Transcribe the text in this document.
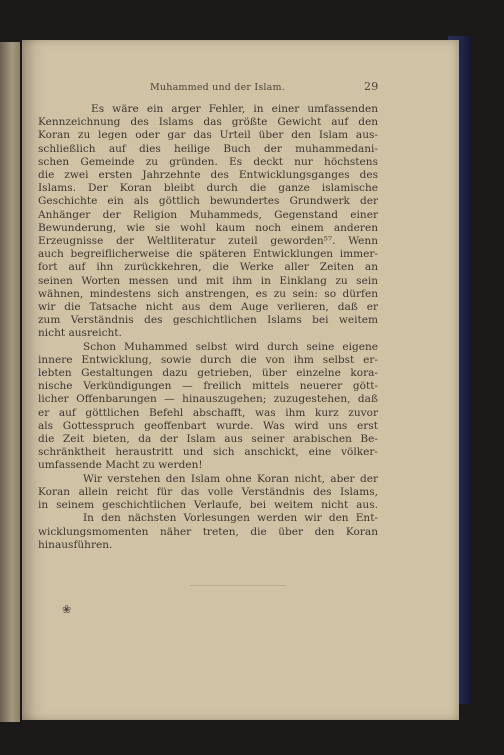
Muhammed und der Islam.	29
Es wäre ein arger Fehler, in einer umfassenden
Kennzeichnung des Islams das größte Gewicht auf den
Koran zu legen oder gar das Urteil über den Islam aus-
schließlich auf dies heilige Buch der muhammedani-
schen Gemeinde zu gründen. Es deckt nur höchstens
die zwei ersten Jahrzehnte des Entwicklungsganges des
Islams. Der Koran bleibt durch die ganze islamische
Geschichte ein als göttlich bewundertes Grundwerk der
Anhänger der Religion Muhammeds, Gegenstand einer
Bewunderung, wie sie wohl kaum noch einem anderen
Erzeugnisse der Weltliteratur zuteil geworden⁵⁷. Wenn
auch begreiflicherweise die späteren Entwicklungen immer-
fort auf ihn zurückkehren, die Werke aller Zeiten an
seinen Worten messen und mit ihm in Einklang zu sein
wähnen, mindestens sich anstrengen, es zu sein: so dürfen
wir die Tatsache nicht aus dem Auge verlieren, daß er
zum Verständnis des geschichtlichen Islams bei weitem
nicht ausreicht.
Schon Muhammed selbst wird durch seine eigene
innere Entwicklung, sowie durch die von ihm selbst er-
lebten Gestaltungen dazu getrieben, über einzelne kora-
nische Verkündigungen — freilich mittels neuerer gött-
licher Offenbarungen — hinauszugehen; zuzugestehen, daß
er auf göttlichen Befehl abschafft, was ihm kurz zuvor
als Gottesspruch geoffenbart wurde. Was wird uns erst
die Zeit bieten, da der Islam aus seiner arabischen Be-
schränktheit heraustritt und sich anschickt, eine völker-
umfassende Macht zu werden!
Wir verstehen den Islam ohne Koran nicht, aber der
Koran allein reicht für das volle Verständnis des Islams,
in seinem geschichtlichen Verlaufe, bei weitem nicht aus.
In den nächsten Vorlesungen werden wir den Ent-
wicklungsmomenten näher treten, die über den Koran
hinausführen.
❀
